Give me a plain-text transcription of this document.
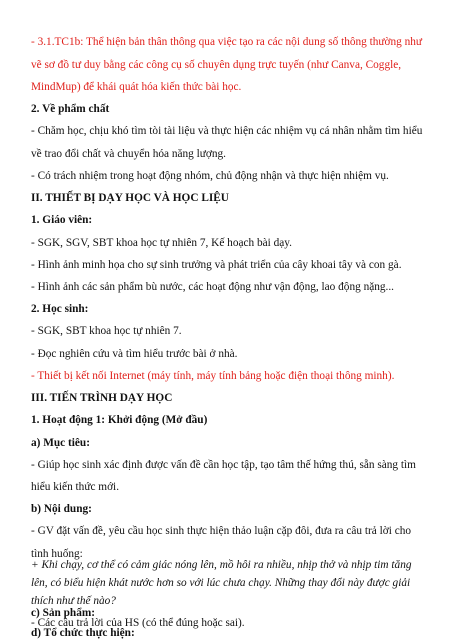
- 3.1.TC1b: Thể hiện bản thân thông qua việc tạo ra các nội dung số thông thường như
vẽ sơ đồ tư duy bằng các công cụ số chuyên dụng trực tuyến (như Canva, Coggle,
MindMup) để khái quát hóa kiến thức bài học.
2. Về phẩm chất
- Chăm học, chịu khó tìm tòi tài liệu và thực hiện các nhiệm vụ cá nhân nhằm tìm hiểu
về trao đổi chất và chuyển hóa năng lượng.
- Có trách nhiệm trong hoạt động nhóm, chủ động nhận và thực hiện nhiệm vụ.
II. THIẾT BỊ DẠY HỌC VÀ HỌC LIỆU
1. Giáo viên:
- SGK, SGV, SBT khoa học tự nhiên 7, Kế hoạch bài dạy.
- Hình ảnh minh họa cho sự sinh trưởng và phát triển của cây khoai tây và con gà.
- Hình ảnh các sản phẩm bù nước, các hoạt động như vận động, lao động nặng...
2. Học sinh:
- SGK, SBT khoa học tự nhiên 7.
- Đọc nghiên cứu và tìm hiểu trước bài ở nhà.
- Thiết bị kết nối Internet (máy tính, máy tính bảng hoặc điện thoại thông minh).
III. TIẾN TRÌNH DẠY HỌC
1. Hoạt động 1: Khởi động (Mở đầu)
a) Mục tiêu:
- Giúp học sinh xác định được vấn đề cần học tập, tạo tâm thế hứng thú, sẵn sàng tìm
hiểu kiến thức mới.
b) Nội dung:
- GV đặt vấn đề, yêu cầu học sinh thực hiện thảo luận cặp đôi, đưa ra câu trả lời cho
tình huống:
+ Khi chạy, cơ thể có cảm giác nóng lên, mồ hôi ra nhiều, nhịp thở và nhịp tim tăng
lên, có biểu hiện khát nước hơn so với lúc chưa chạy. Những thay đổi này được giải
thích như thế nào?
c) Sản phẩm:
- Các câu trả lời của HS (có thể đúng hoặc sai).
d) Tổ chức thực hiện:
